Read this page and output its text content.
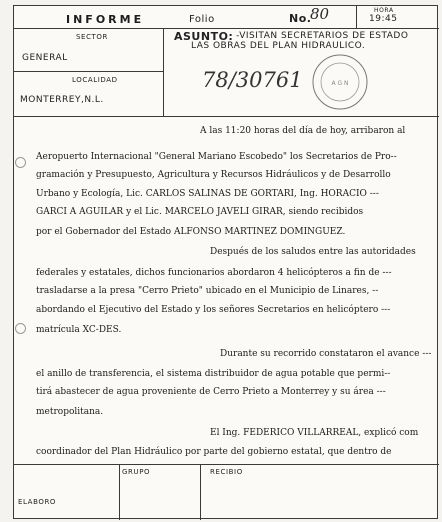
INFORME	Folio	No.
80	HORA
19:45
SECTOR
GENERAL
LOCALIDAD
MONTERREY,N.L.
ASUNTO: -VISITAN SECRETARIOS DE ESTADO
LAS OBRAS DEL PLAN HIDRAULICO.
78/30761	A G N
A las 11:20 horas del día de hoy, arribaron al
Aeropuerto Internacional "General Mariano Escobedo" los Secretarios de Pro--
gramación y Presupuesto, Agricultura y Recursos Hidráulicos y de Desarrollo
Urbano y Ecología, Lic. CARLOS SALINAS DE GORTARI, Ing. HORACIO ---
GARCI A AGUILAR y el Lic. MARCELO JAVELI GIRAR, siendo recibidos
por el Gobernador del Estado ALFONSO MARTINEZ DOMINGUEZ.
Después de los saludos entre las autoridades
federales y estatales, dichos funcionarios abordaron 4 helicópteros a fin de ---
trasladarse a la presa "Cerro Prieto" ubicado en el Municipio de Linares, --
abordando el Ejecutivo del Estado y los señores Secretarios en helicóptero ---
matrícula XC-DES.
Durante su recorrido constataron el avance ---
el anillo de transferencia, el sistema distribuidor de agua potable que permi--
tirá abastecer de agua proveniente de Cerro Prieto a Monterrey y su área ---
metropolitana.
El Ing. FEDERICO VILLARREAL, explicó com
coordinador del Plan Hidráulico por parte del gobierno estatal, que dentro de
ELABORO
GRUPO	RECIBIO
